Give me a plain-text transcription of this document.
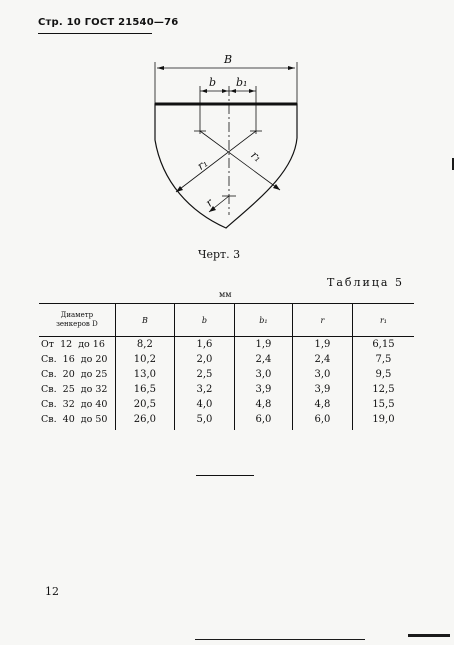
Стр. 10 ГОСТ 21540—76
B
b b₁
r₁
r₁
r
Черт. 3
Таблица 5
мм
Диаметр
зенкеров D	B	b	b₁	r	r₁
От  12  до 16	8,2	1,6	1,9	1,9	6,15
Св.  16  до 20	10,2	2,0	2,4	2,4	7,5
Св.  20  до 25	13,0	2,5	3,0	3,0	9,5
Св.  25  до 32	16,5	3,2	3,9	3,9	12,5
Св.  32  до 40	20,5	4,0	4,8	4,8	15,5
Св.  40  до 50	26,0	5,0	6,0	6,0	19,0
12
